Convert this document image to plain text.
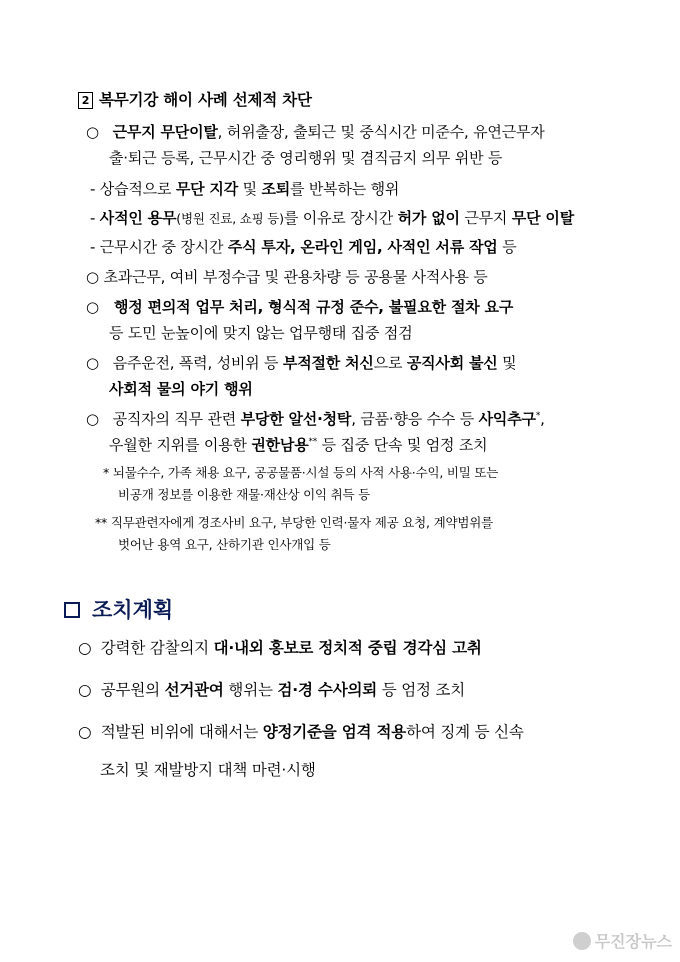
2 복무기강 해이 사례 선제적 차단
○ 근무지 무단이탈, 허위출장, 출퇴근 및 중식시간 미준수, 유연근무자
출·퇴근 등록, 근무시간 중 영리행위 및 겸직금지 의무 위반 등
- 상습적으로 무단 지각 및 조퇴를 반복하는 행위
- 사적인 용무(병원 진료, 쇼핑 등)를 이유로 장시간 허가 없이 근무지 무단 이탈
- 근무시간 중 장시간 주식 투자, 온라인 게임, 사적인 서류 작업 등
○ 초과근무, 여비 부정수급 및 관용차량 등 공용물 사적사용 등
○ 행정 편의적 업무 처리, 형식적 규정 준수, 불필요한 절차 요구
등 도민 눈높이에 맞지 않는 업무행태 집중 점검
○   음주운전, 폭력, 성비위 등 부적절한 처신으로 공직사회 불신 및
사회적 물의 야기 행위
○   공직자의 직무 관련 부당한 알선·청탁, 금품·향응 수수 등 사익추구*,
우월한 지위를 이용한 권한남용** 등 집중 단속 및 엄정 조치
* 뇌물수수, 가족 채용 요구, 공공물품·시설 등의 사적 사용·수익, 비밀 또는
비공개 정보를 이용한 재물·재산상 이익 취득 등
** 직무관련자에게 경조사비 요구, 부당한 인력·물자 제공 요청, 계약범위를
벗어난 용역 요구, 산하기관 인사개입 등
조치계획
○  강력한 감찰의지 대·내외 홍보로 정치적 중립 경각심 고취
○  공무원의 선거관여 행위는 검·경 수사의뢰 등 엄정 조치
○  적발된 비위에 대해서는 양정기준을 엄격 적용하여 징계 등 신속
조치 및 재발방지 대책 마련·시행
무진장뉴스
